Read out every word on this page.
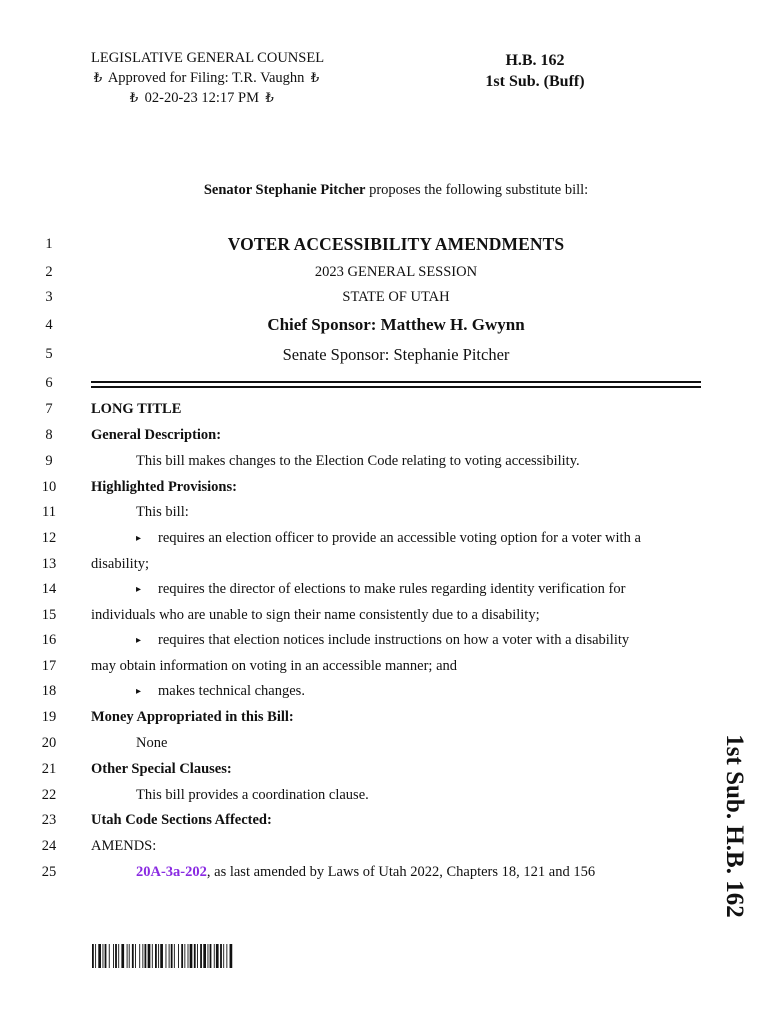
LEGISLATIVE GENERAL COUNSEL
₺ Approved for Filing: T.R. Vaughn ₺
₺ 02-20-23 12:17 PM ₺
H.B. 162
1st Sub. (Buff)
Senator Stephanie Pitcher proposes the following substitute bill:
1
2
3
4
5
6
7
8
9
10
11
12
13
14
15
16
17
18
19
20
21
22
23
24
25
VOTER ACCESSIBILITY AMENDMENTS
2023 GENERAL SESSION
STATE OF UTAH
Chief Sponsor: Matthew H. Gwynn
Senate Sponsor: Stephanie Pitcher
LONG TITLE
General Description:
This bill makes changes to the Election Code relating to voting accessibility.
Highlighted Provisions:
This bill:
▸ requires an election officer to provide an accessible voting option for a voter with a
disability;
▸ requires the director of elections to make rules regarding identity verification for
individuals who are unable to sign their name consistently due to a disability;
▸ requires that election notices include instructions on how a voter with a disability
may obtain information on voting in an accessible manner; and
▸ makes technical changes.
Money Appropriated in this Bill:
None
Other Special Clauses:
This bill provides a coordination clause.
Utah Code Sections Affected:
AMENDS:
20A-3a-202, as last amended by Laws of Utah 2022, Chapters 18, 121 and 156	1st Sub. H.B. 162
